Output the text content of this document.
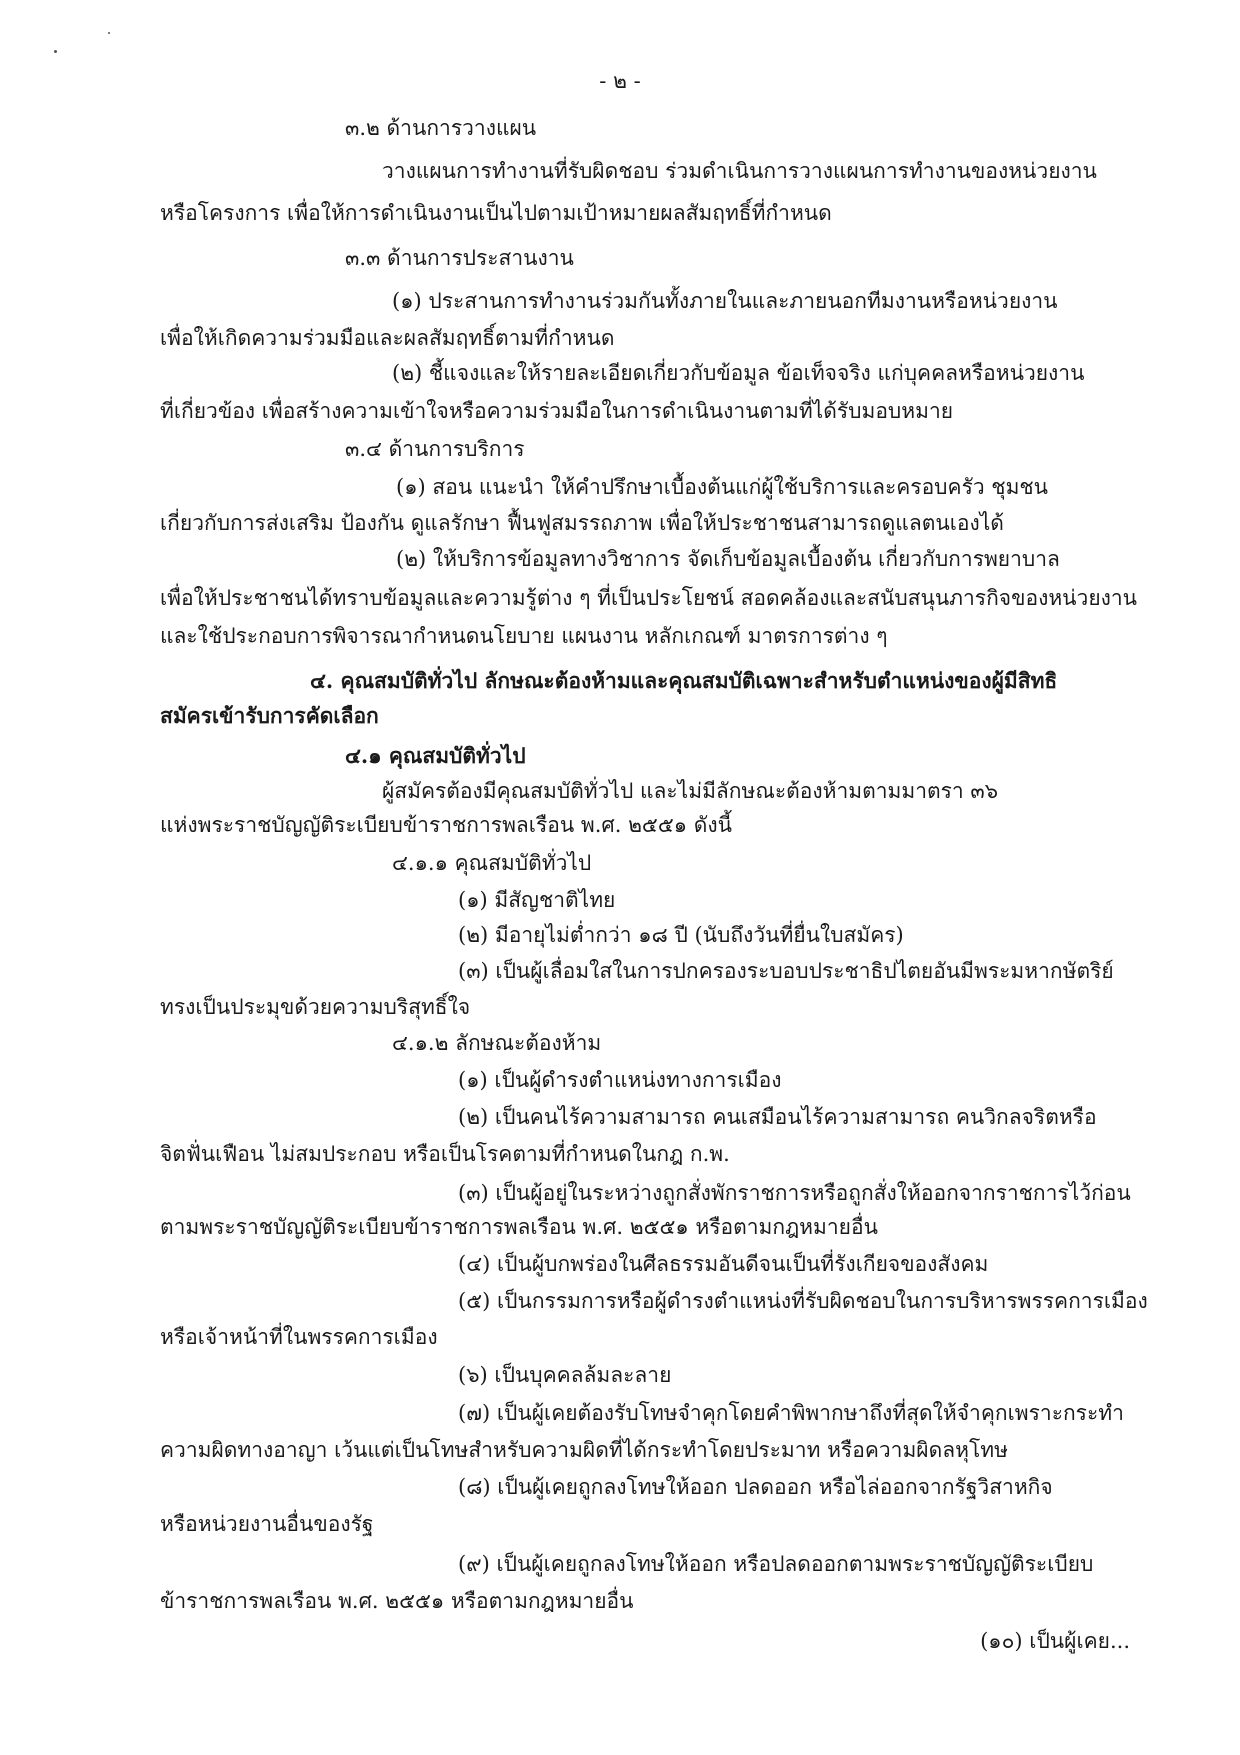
- ๒ -
๓.๒ ด้านการวางแผน
วางแผนการทำงานที่รับผิดชอบ ร่วมดำเนินการวางแผนการทำงานของหน่วยงาน
หรือโครงการ เพื่อให้การดำเนินงานเป็นไปตามเป้าหมายผลสัมฤทธิ์ที่กำหนด
๓.๓ ด้านการประสานงาน
(๑) ประสานการทำงานร่วมกันทั้งภายในและภายนอกทีมงานหรือหน่วยงาน
เพื่อให้เกิดความร่วมมือและผลสัมฤทธิ์ตามที่กำหนด
(๒) ชี้แจงและให้รายละเอียดเกี่ยวกับข้อมูล ข้อเท็จจริง แก่บุคคลหรือหน่วยงาน
ที่เกี่ยวข้อง เพื่อสร้างความเข้าใจหรือความร่วมมือในการดำเนินงานตามที่ได้รับมอบหมาย
๓.๔ ด้านการบริการ
(๑) สอน แนะนำ ให้คำปรึกษาเบื้องต้นแก่ผู้ใช้บริการและครอบครัว ชุมชน
เกี่ยวกับการส่งเสริม ป้องกัน ดูแลรักษา ฟื้นฟูสมรรถภาพ เพื่อให้ประชาชนสามารถดูแลตนเองได้
(๒) ให้บริการข้อมูลทางวิชาการ จัดเก็บข้อมูลเบื้องต้น เกี่ยวกับการพยาบาล
เพื่อให้ประชาชนได้ทราบข้อมูลและความรู้ต่าง ๆ ที่เป็นประโยชน์ สอดคล้องและสนับสนุนภารกิจของหน่วยงาน
และใช้ประกอบการพิจารณากำหนดนโยบาย แผนงาน หลักเกณฑ์ มาตรการต่าง ๆ
๔. คุณสมบัติทั่วไป ลักษณะต้องห้ามและคุณสมบัติเฉพาะสำหรับตำแหน่งของผู้มีสิทธิ
สมัครเข้ารับการคัดเลือก
๔.๑ คุณสมบัติทั่วไป
ผู้สมัครต้องมีคุณสมบัติทั่วไป และไม่มีลักษณะต้องห้ามตามมาตรา ๓๖
แห่งพระราชบัญญัติระเบียบข้าราชการพลเรือน พ.ศ. ๒๕๕๑ ดังนี้
๔.๑.๑ คุณสมบัติทั่วไป
(๑) มีสัญชาติไทย
(๒) มีอายุไม่ต่ำกว่า ๑๘ ปี (นับถึงวันที่ยื่นใบสมัคร)
(๓) เป็นผู้เลื่อมใสในการปกครองระบอบประชาธิปไตยอันมีพระมหากษัตริย์
ทรงเป็นประมุขด้วยความบริสุทธิ์ใจ
๔.๑.๒ ลักษณะต้องห้าม
(๑) เป็นผู้ดำรงตำแหน่งทางการเมือง
(๒) เป็นคนไร้ความสามารถ คนเสมือนไร้ความสามารถ คนวิกลจริตหรือ
จิตฟั่นเฟือน ไม่สมประกอบ หรือเป็นโรคตามที่กำหนดในกฎ ก.พ.
(๓) เป็นผู้อยู่ในระหว่างถูกสั่งพักราชการหรือถูกสั่งให้ออกจากราชการไว้ก่อน
ตามพระราชบัญญัติระเบียบข้าราชการพลเรือน พ.ศ. ๒๕๕๑ หรือตามกฎหมายอื่น
(๔) เป็นผู้บกพร่องในศีลธรรมอันดีจนเป็นที่รังเกียจของสังคม
(๕) เป็นกรรมการหรือผู้ดำรงตำแหน่งที่รับผิดชอบในการบริหารพรรคการเมือง
หรือเจ้าหน้าที่ในพรรคการเมือง
(๖) เป็นบุคคลล้มละลาย
(๗) เป็นผู้เคยต้องรับโทษจำคุกโดยคำพิพากษาถึงที่สุดให้จำคุกเพราะกระทำ
ความผิดทางอาญา เว้นแต่เป็นโทษสำหรับความผิดที่ได้กระทำโดยประมาท หรือความผิดลหุโทษ
(๘) เป็นผู้เคยถูกลงโทษให้ออก ปลดออก หรือไล่ออกจากรัฐวิสาหกิจ
หรือหน่วยงานอื่นของรัฐ
(๙) เป็นผู้เคยถูกลงโทษให้ออก หรือปลดออกตามพระราชบัญญัติระเบียบ
ข้าราชการพลเรือน พ.ศ. ๒๕๕๑ หรือตามกฎหมายอื่น
(๑๐) เป็นผู้เคย...
